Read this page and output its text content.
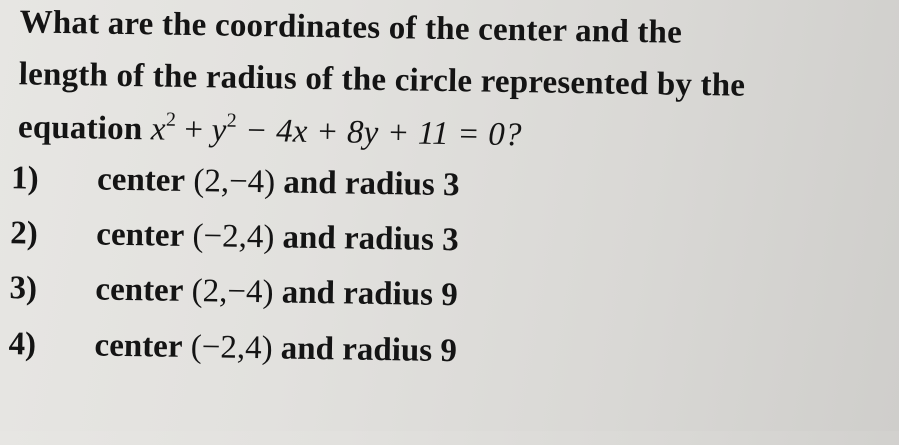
What are the coordinates of the center and the
length of the radius of the circle represented by the
equation $x^2 + y^2 - 4x + 8y + 11 = 0$?
1) center (2,−4) and radius 3
2) center (−2,4) and radius 3
3) center (2,−4) and radius 9
4) center (−2,4) and radius 9
